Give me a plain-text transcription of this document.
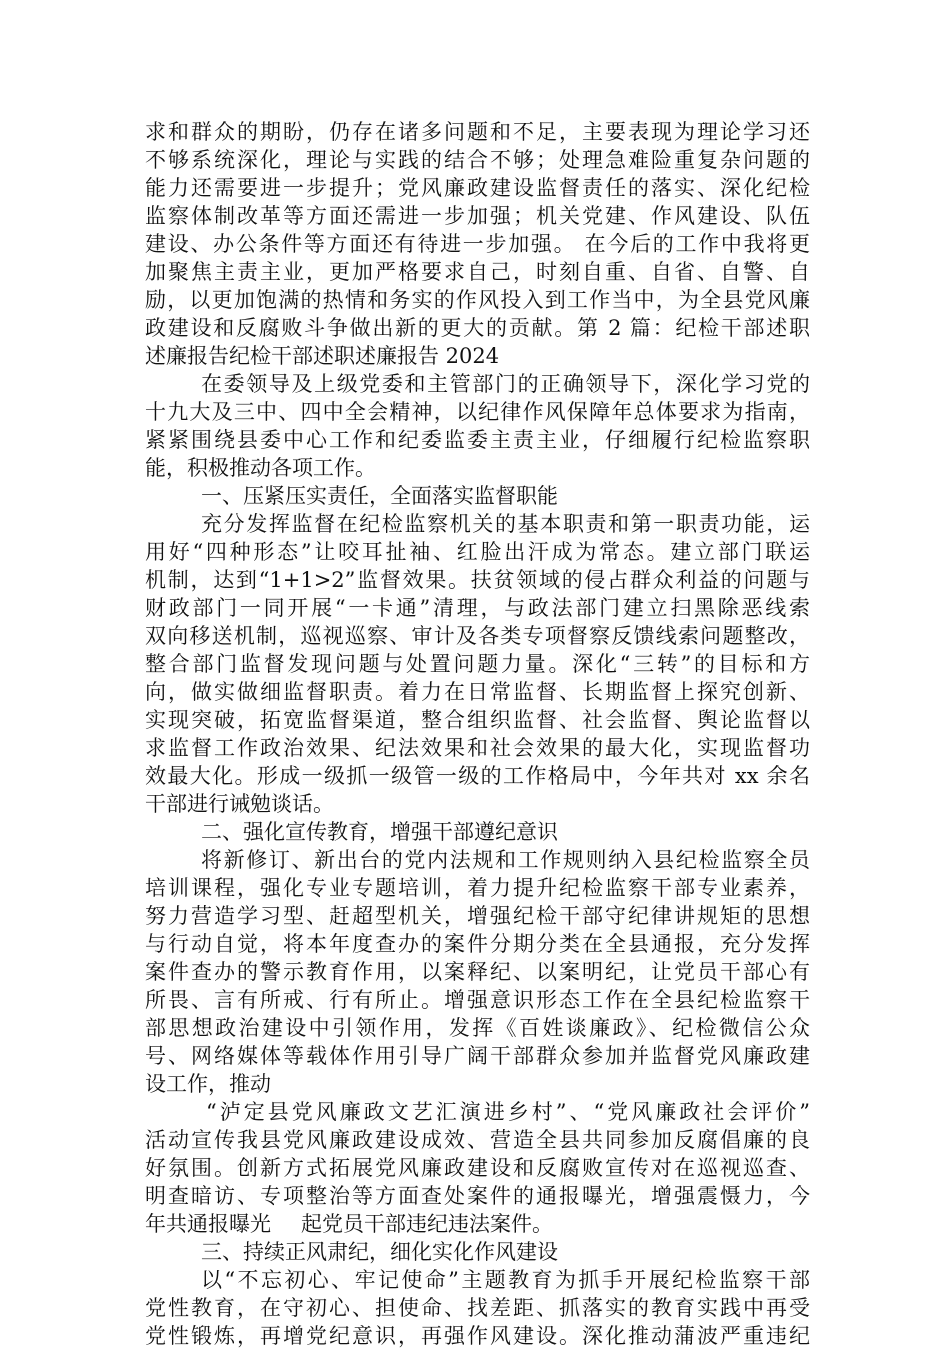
求和群众的期盼，仍存在诸多问题和不足，主要表现为理论学习还
不够系统深化，理论与实践的结合不够；处理急难险重复杂问题的
能力还需要进一步提升；党风廉政建设监督责任的落实、深化纪检
监察体制改革等方面还需进一步加强；机关党建、作风建设、队伍
建设、办公条件等方面还有待进一步加强。 在今后的工作中我将更
加聚焦主责主业，更加严格要求自己，时刻自重、自省、自警、自
励，以更加饱满的热情和务实的作风投入到工作当中，为全县党风廉
政建设和反腐败斗争做出新的更大的贡献。第 2 篇：纪检干部述职
述廉报告纪检干部述职述廉报告 2024
在委领导及上级党委和主管部门的正确领导下，深化学习党的
十九大及三中、四中全会精神，以纪律作风保障年总体要求为指南，
紧紧围绕县委中心工作和纪委监委主责主业，仔细履行纪检监察职
能，积极推动各项工作。
一、压紧压实责任，全面落实监督职能
充分发挥监督在纪检监察机关的基本职责和第一职责功能，运
用好“四种形态”让咬耳扯袖、红脸出汗成为常态。建立部门联运
机制，达到“1+1>2”监督效果。扶贫领域的侵占群众利益的问题与
财政部门一同开展“一卡通”清理，与政法部门建立扫黑除恶线索
双向移送机制，巡视巡察、审计及各类专项督察反馈线索问题整改，
整合部门监督发现问题与处置问题力量。深化“三转”的目标和方
向，做实做细监督职责。着力在日常监督、长期监督上探究创新、
实现突破，拓宽监督渠道，整合组织监督、社会监督、舆论监督以
求监督工作政治效果、纪法效果和社会效果的最大化，实现监督功
效最大化。形成一级抓一级管一级的工作格局中，今年共对 xx 余名
干部进行诫勉谈话。
二、强化宣传教育，增强干部遵纪意识
将新修订、新出台的党内法规和工作规则纳入县纪检监察全员
培训课程，强化专业专题培训，着力提升纪检监察干部专业素养，
努力营造学习型、赶超型机关，增强纪检干部守纪律讲规矩的思想
与行动自觉，将本年度查办的案件分期分类在全县通报，充分发挥
案件查办的警示教育作用，以案释纪、以案明纪，让党员干部心有
所畏、言有所戒、行有所止。增强意识形态工作在全县纪检监察干
部思想政治建设中引领作用，发挥《百姓谈廉政》、纪检微信公众
号、网络媒体等载体作用引导广阔干部群众参加并监督党风廉政建
设工作，推动
“泸定县党风廉政文艺汇演进乡村”、“党风廉政社会评价”
活动宣传我县党风廉政建设成效、营造全县共同参加反腐倡廉的良
好氛围。创新方式拓展党风廉政建设和反腐败宣传对在巡视巡查、
明查暗访、专项整治等方面查处案件的通报曝光，增强震慑力，今
年共通报曝光 起党员干部违纪违法案件。
三、持续正风肃纪，细化实化作风建设
以“不忘初心、牢记使命”主题教育为抓手开展纪检监察干部
党性教育，在守初心、担使命、找差距、抓落实的教育实践中再受
党性锻炼，再增党纪意识，再强作风建设。深化推动蒲波严重违纪
